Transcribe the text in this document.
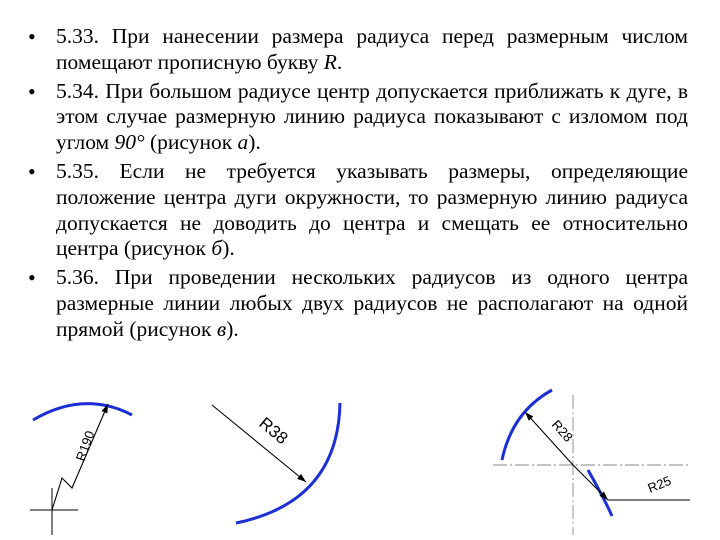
• 5.33. При нанесении размера радиуса перед размерным числом помещают прописную букву R.
• 5.34. При большом радиусе центр допускается приближать к дуге, в этом случае размерную линию радиуса показывают с изломом под углом 90° (рисунок а).
• 5.35. Если не требуется указывать размеры, определяющие положение центра дуги окружности, то размерную линию радиуса допускается не доводить до центра и смещать ее относительно центра (рисунок б).
• 5.36. При проведении нескольких радиусов из одного центра размерные линии любых двух радиусов не располагают на одной прямой (рисунок в).
R190	R38	R28
R25
